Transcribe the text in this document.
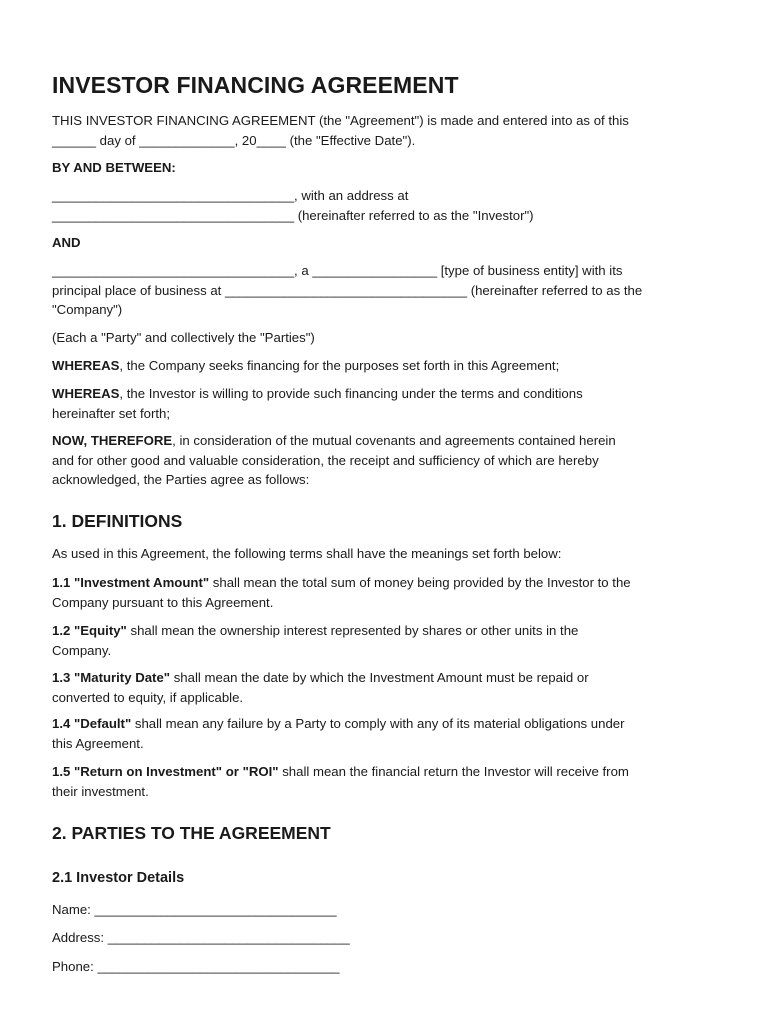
INVESTOR FINANCING AGREEMENT

THIS INVESTOR FINANCING AGREEMENT (the "Agreement") is made and entered into as of this
______ day of _____________, 20____ (the "Effective Date").

BY AND BETWEEN:

_________________________________, with an address at
_________________________________ (hereinafter referred to as the "Investor")

AND

_________________________________, a _________________ [type of business entity] with its
principal place of business at _________________________________ (hereinafter referred to as the
"Company")

(Each a "Party" and collectively the "Parties")

WHEREAS, the Company seeks financing for the purposes set forth in this Agreement;

WHEREAS, the Investor is willing to provide such financing under the terms and conditions
hereinafter set forth;

NOW, THEREFORE, in consideration of the mutual covenants and agreements contained herein
and for other good and valuable consideration, the receipt and sufficiency of which are hereby
acknowledged, the Parties agree as follows:

1. DEFINITIONS

As used in this Agreement, the following terms shall have the meanings set forth below:

1.1 "Investment Amount" shall mean the total sum of money being provided by the Investor to the
Company pursuant to this Agreement.

1.2 "Equity" shall mean the ownership interest represented by shares or other units in the
Company.

1.3 "Maturity Date" shall mean the date by which the Investment Amount must be repaid or
converted to equity, if applicable.

1.4 "Default" shall mean any failure by a Party to comply with any of its material obligations under
this Agreement.

1.5 "Return on Investment" or "ROI" shall mean the financial return the Investor will receive from
their investment.

2. PARTIES TO THE AGREEMENT
2.1 Investor Details

Name: _________________________________

Address: _________________________________

Phone: _________________________________
